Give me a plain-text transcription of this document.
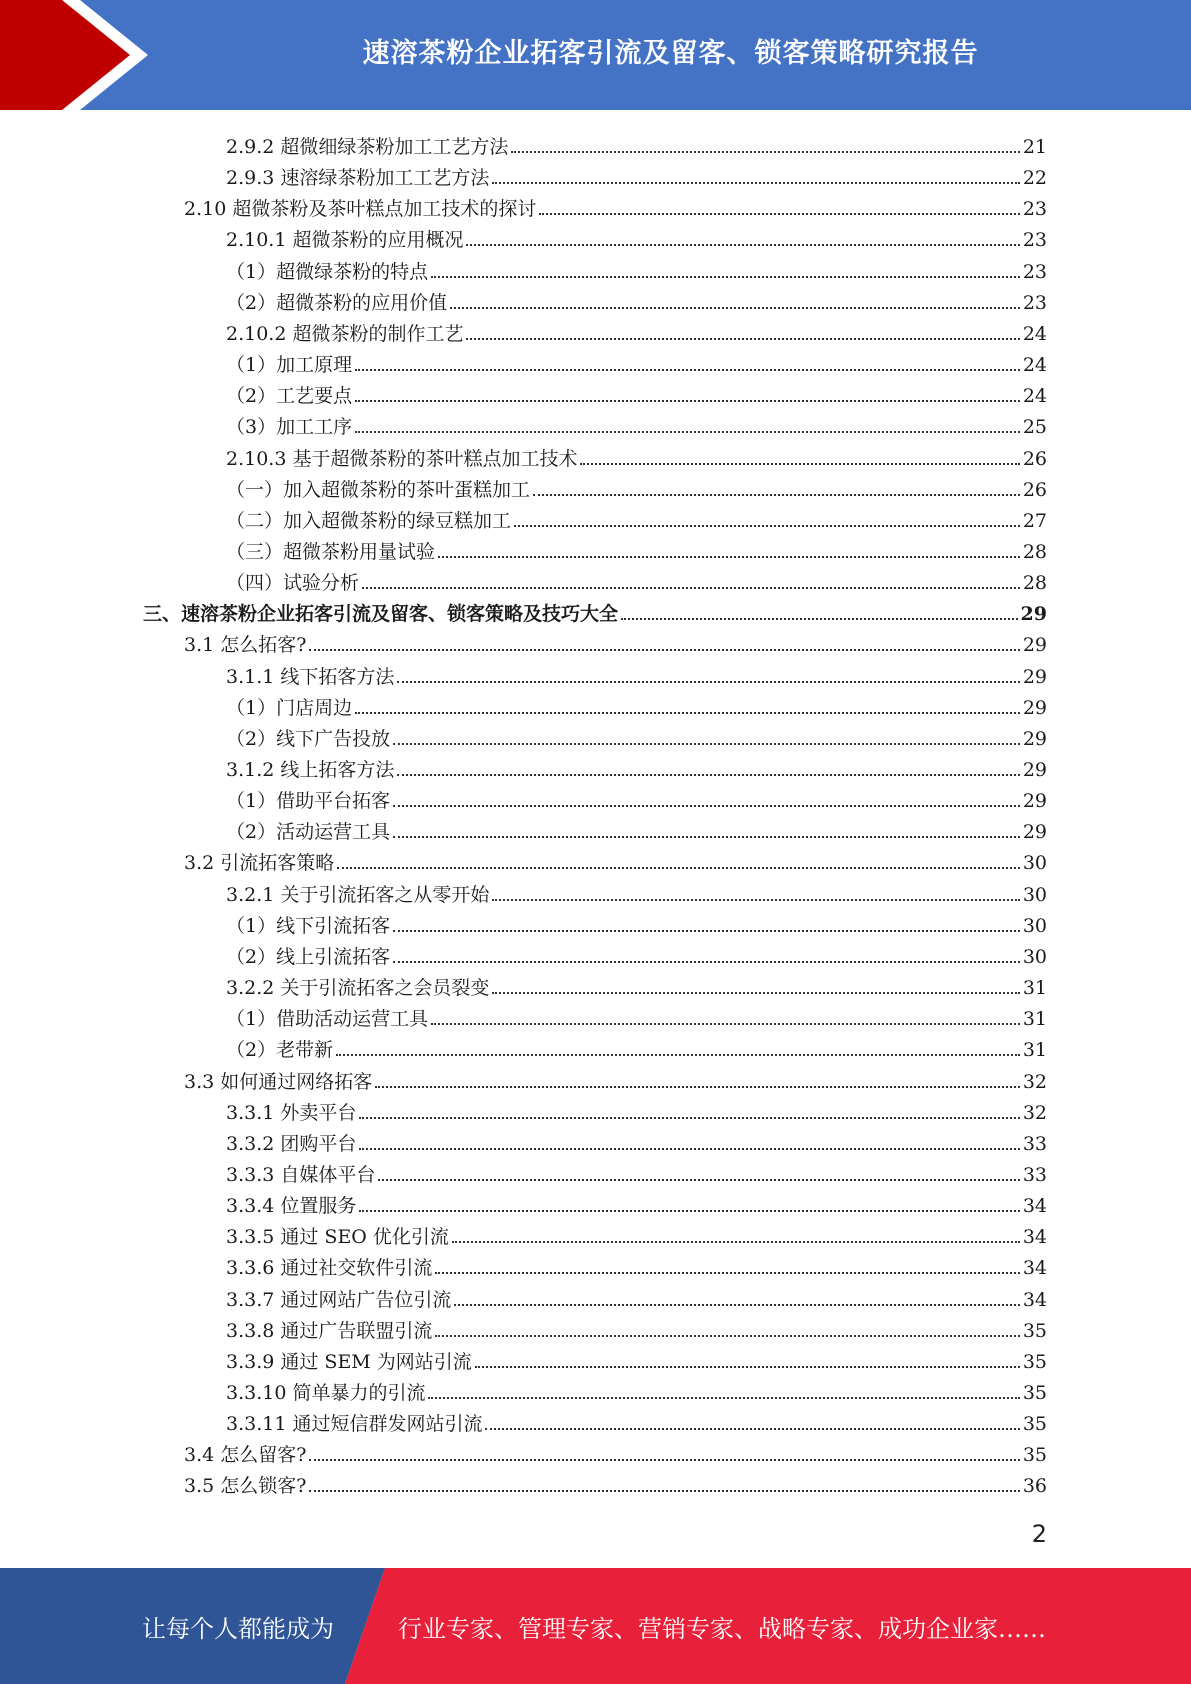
速溶茶粉企业拓客引流及留客、锁客策略研究报告
2.9.2 超微细绿茶粉加工工艺方法	21
2.9.3 速溶绿茶粉加工工艺方法	22
2.10 超微茶粉及茶叶糕点加工技术的探讨	23
2.10.1 超微茶粉的应用概况	23
（1）超微绿茶粉的特点	23
（2）超微茶粉的应用价值	23
2.10.2 超微茶粉的制作工艺	24
（1）加工原理	24
（2）工艺要点	24
（3）加工工序	25
2.10.3 基于超微茶粉的茶叶糕点加工技术	26
（一）加入超微茶粉的茶叶蛋糕加工	26
（二）加入超微茶粉的绿豆糕加工	27
（三）超微茶粉用量试验	28
（四）试验分析	28
三、速溶茶粉企业拓客引流及留客、锁客策略及技巧大全	29
3.1 怎么拓客?	29
3.1.1 线下拓客方法	29
（1）门店周边	29
（2）线下广告投放	29
3.1.2 线上拓客方法	29
（1）借助平台拓客	29
（2）活动运营工具	29
3.2 引流拓客策略	30
3.2.1 关于引流拓客之从零开始	30
（1）线下引流拓客	30
（2）线上引流拓客	30
3.2.2 关于引流拓客之会员裂变	31
（1）借助活动运营工具	31
（2）老带新	31
3.3 如何通过网络拓客	32
3.3.1 外卖平台	32
3.3.2 团购平台	33
3.3.3 自媒体平台	33
3.3.4 位置服务	34
3.3.5 通过 SEO 优化引流	34
3.3.6 通过社交软件引流	34
3.3.7 通过网站广告位引流	34
3.3.8 通过广告联盟引流	35
3.3.9 通过 SEM 为网站引流	35
3.3.10 简单暴力的引流	35
3.3.11 通过短信群发网站引流	35
3.4 怎么留客?	35
3.5 怎么锁客?	36
2
让每个人都能成为	行业专家、管理专家、营销专家、战略专家、成功企业家……
